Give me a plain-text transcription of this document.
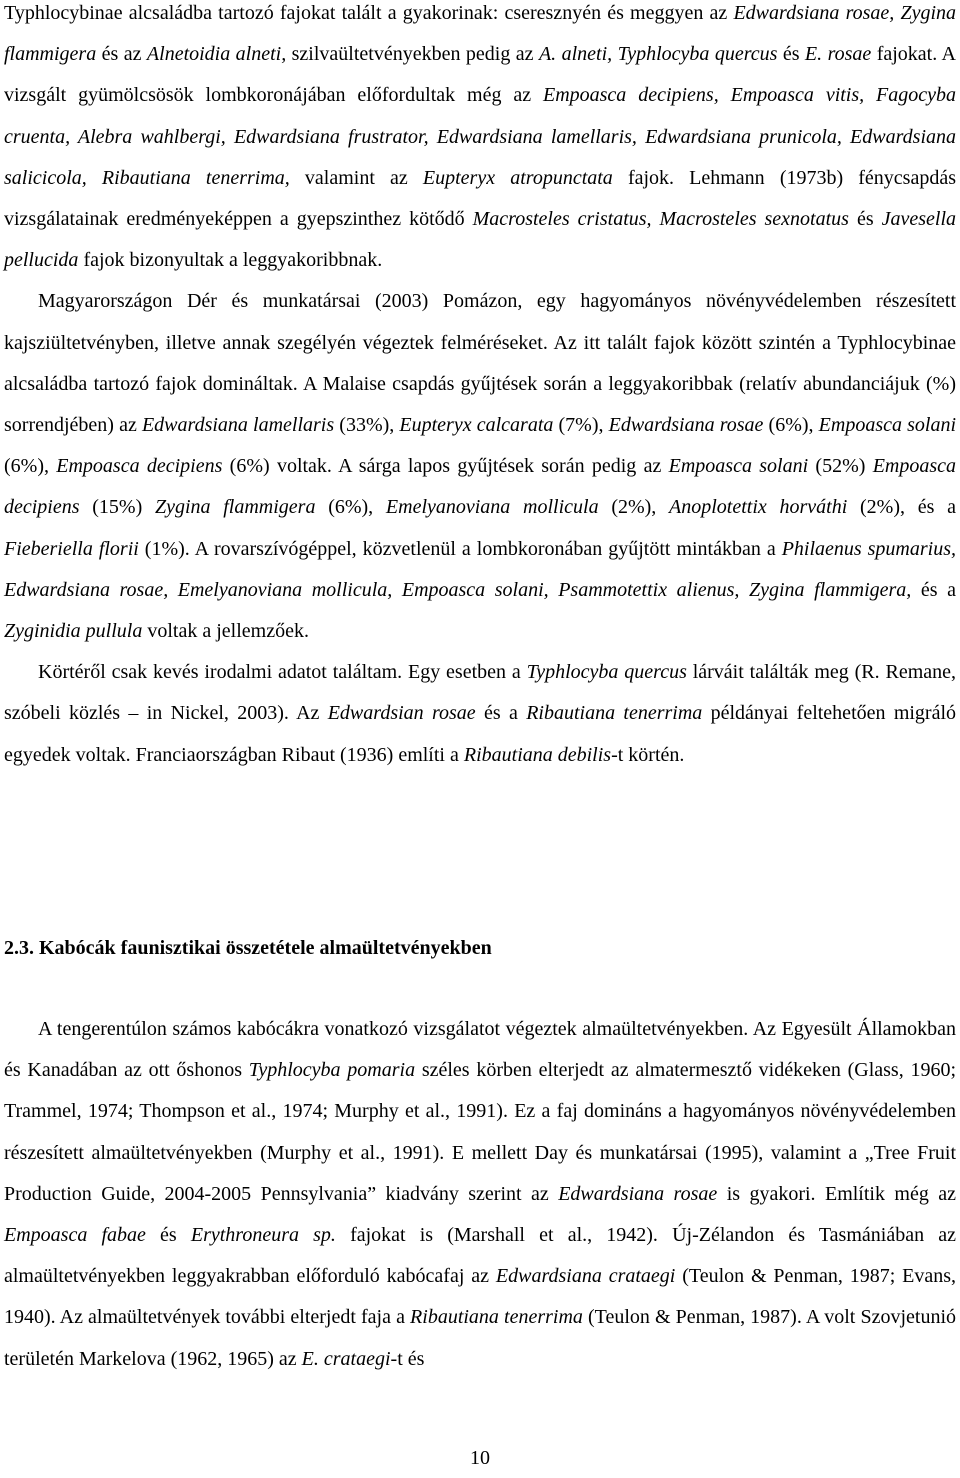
Typhlocybinae alcsaládba tartozó fajokat talált a gyakorinak: cseresznyén és meggyen az Edwardsiana rosae, Zygina flammigera és az Alnetoidia alneti, szilvaültetvényekben pedig az A. alneti, Typhlocyba quercus és E. rosae fajokat. A vizsgált gyümölcsösök lombkoronájában előfordultak még az Empoasca decipiens, Empoasca vitis, Fagocyba cruenta, Alebra wahlbergi, Edwardsiana frustrator, Edwardsiana lamellaris, Edwardsiana prunicola, Edwardsiana salicicola, Ribautiana tenerrima, valamint az Eupteryx atropunctata fajok. Lehmann (1973b) fénycsapdás vizsgálatainak eredményeképpen a gyepszinthez kötődő Macrosteles cristatus, Macrosteles sexnotatus és Javesella pellucida fajok bizonyultak a leggyakoribbnak.

Magyarországon Dér és munkatársai (2003) Pomázon, egy hagyományos növényvédelemben részesített kajsziültetvényben, illetve annak szegélyén végeztek felméréseket. Az itt talált fajok között szintén a Typhlocybinae alcsaládba tartozó fajok domináltak. A Malaise csapdás gyűjtések során a leggyakoribbak (relatív abundanciájuk (%) sorrendjében) az Edwardsiana lamellaris (33%), Eupteryx calcarata (7%), Edwardsiana rosae (6%), Empoasca solani (6%), Empoasca decipiens (6%) voltak. A sárga lapos gyűjtések során pedig az Empoasca solani (52%) Empoasca decipiens (15%) Zygina flammigera (6%), Emelyanoviana mollicula (2%), Anoplotettix horváthi (2%), és a Fieberiella florii (1%). A rovarszívógéppel, közvetlenül a lombkoronában gyűjtött mintákban a Philaenus spumarius, Edwardsiana rosae, Emelyanoviana mollicula, Empoasca solani, Psammotettix alienus, Zygina flammigera, és a Zyginidia pullula voltak a jellemzőek.

Körtéről csak kevés irodalmi adatot találtam. Egy esetben a Typhlocyba quercus lárváit találták meg (R. Remane, szóbeli közlés – in Nickel, 2003). Az Edwardsian rosae és a Ribautiana tenerrima példányai feltehetően migráló egyedek voltak. Franciaországban Ribaut (1936) említi a Ribautiana debilis-t körtén.

2.3. Kabócák faunisztikai összetétele almaültetvényekben

A tengerentúlon számos kabócákra vonatkozó vizsgálatot végeztek almaültetvényekben. Az Egyesült Államokban és Kanadában az ott őshonos Typhlocyba pomaria széles körben elterjedt az almatermesztő vidékeken (Glass, 1960; Trammel, 1974; Thompson et al., 1974; Murphy et al., 1991). Ez a faj domináns a hagyományos növényvédelemben részesített almaültetvényekben (Murphy et al., 1991). E mellett Day és munkatársai (1995), valamint a „Tree Fruit Production Guide, 2004-2005 Pennsylvania” kiadvány szerint az Edwardsiana rosae is gyakori. Említik még az Empoasca fabae és Erythroneura sp. fajokat is (Marshall et al., 1942). Új-Zélandon és Tasmániában az almaültetvényekben leggyakrabban előforduló kabócafaj az Edwardsiana crataegi (Teulon & Penman, 1987; Evans, 1940). Az almaültetvények további elterjedt faja a Ribautiana tenerrima (Teulon & Penman, 1987). A volt Szovjetunió területén Markelova (1962, 1965) az E. crataegi-t és

10
